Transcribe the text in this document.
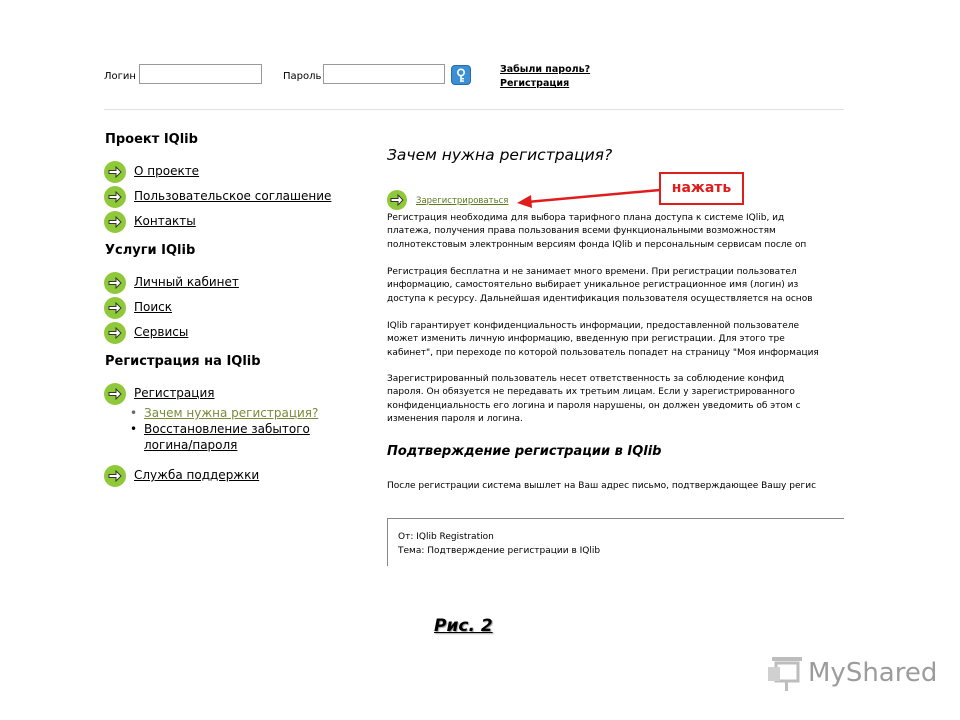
Логин	Пароль
Забыли пароль?
Регистрация
Проект IQlib
О проекте
Пользовательское соглашение
Контакты
Услуги IQlib
Личный кабинет
Поиск
Сервисы
Регистрация на IQlib
Регистрация
• Зачем нужна регистрация?
• Восстановление забытого
логина/пароля
Служба поддержки
Зачем нужна регистрация?
Зарегистрироваться
Регистрация необходима для выбора тарифного плана доступа к системе IQlib, ид
платежа, получения права пользования всеми функциональными возможностям
полнотекстовым электронным версиям фонда IQlib и персональным сервисам после оп
Регистрация бесплатна и не занимает много времени. При регистрации пользовател
информацию, самостоятельно выбирает уникальное регистрационное имя (логин) из
доступа к ресурсу. Дальнейшая идентификация пользователя осуществляется на основ
IQlib гарантирует конфиденциальность информации, предоставленной пользователе
может изменить личную информацию, введенную при регистрации. Для этого тре
кабинет", при переходе по которой пользователь попадет на страницу "Моя информация
Зарегистрированный пользователь несет ответственность за соблюдение конфид
пароля. Он обязуется не передавать их третьим лицам. Если у зарегистрированного
конфиденциальность его логина и пароля нарушены, он должен уведомить об этом с
изменения пароля и логина.
Подтверждение регистрации в IQlib
После регистрации система вышлет на Ваш адрес письмо, подтверждающее Вашу регис
От: IQlib Registration
Тема: Подтверждение регистрации в IQlib
нажать
Рис. 2
MyShared
